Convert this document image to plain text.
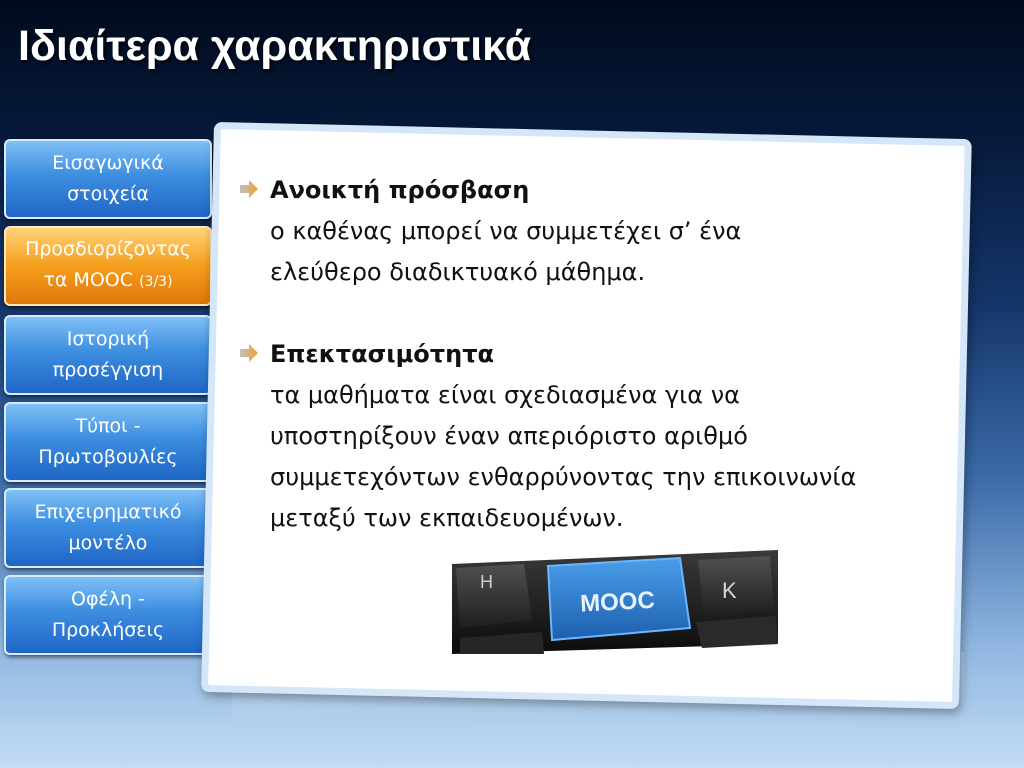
Ιδιαίτερα χαρακτηριστικά
Εισαγωγικά
στοιχεία
Προσδιορίζοντας
τα MOOC (3/3)
Ιστορική
προσέγγιση
Τύποι -
Πρωτοβουλίες
Επιχειρηματικό
μοντέλο
Οφέλη -
Προκλήσεις
Ανοικτή πρόσβαση
ο καθένας μπορεί να συμμετέχει σ’ ένα
ελεύθερο διαδικτυακό μάθημα.
Επεκτασιμότητα
τα μαθήματα είναι σχεδιασμένα για να
υποστηρίξουν έναν απεριόριστο αριθμό
συμμετεχόντων ενθαρρύνοντας την επικοινωνία
μεταξύ των εκπαιδευομένων.
H
MOOC	K
